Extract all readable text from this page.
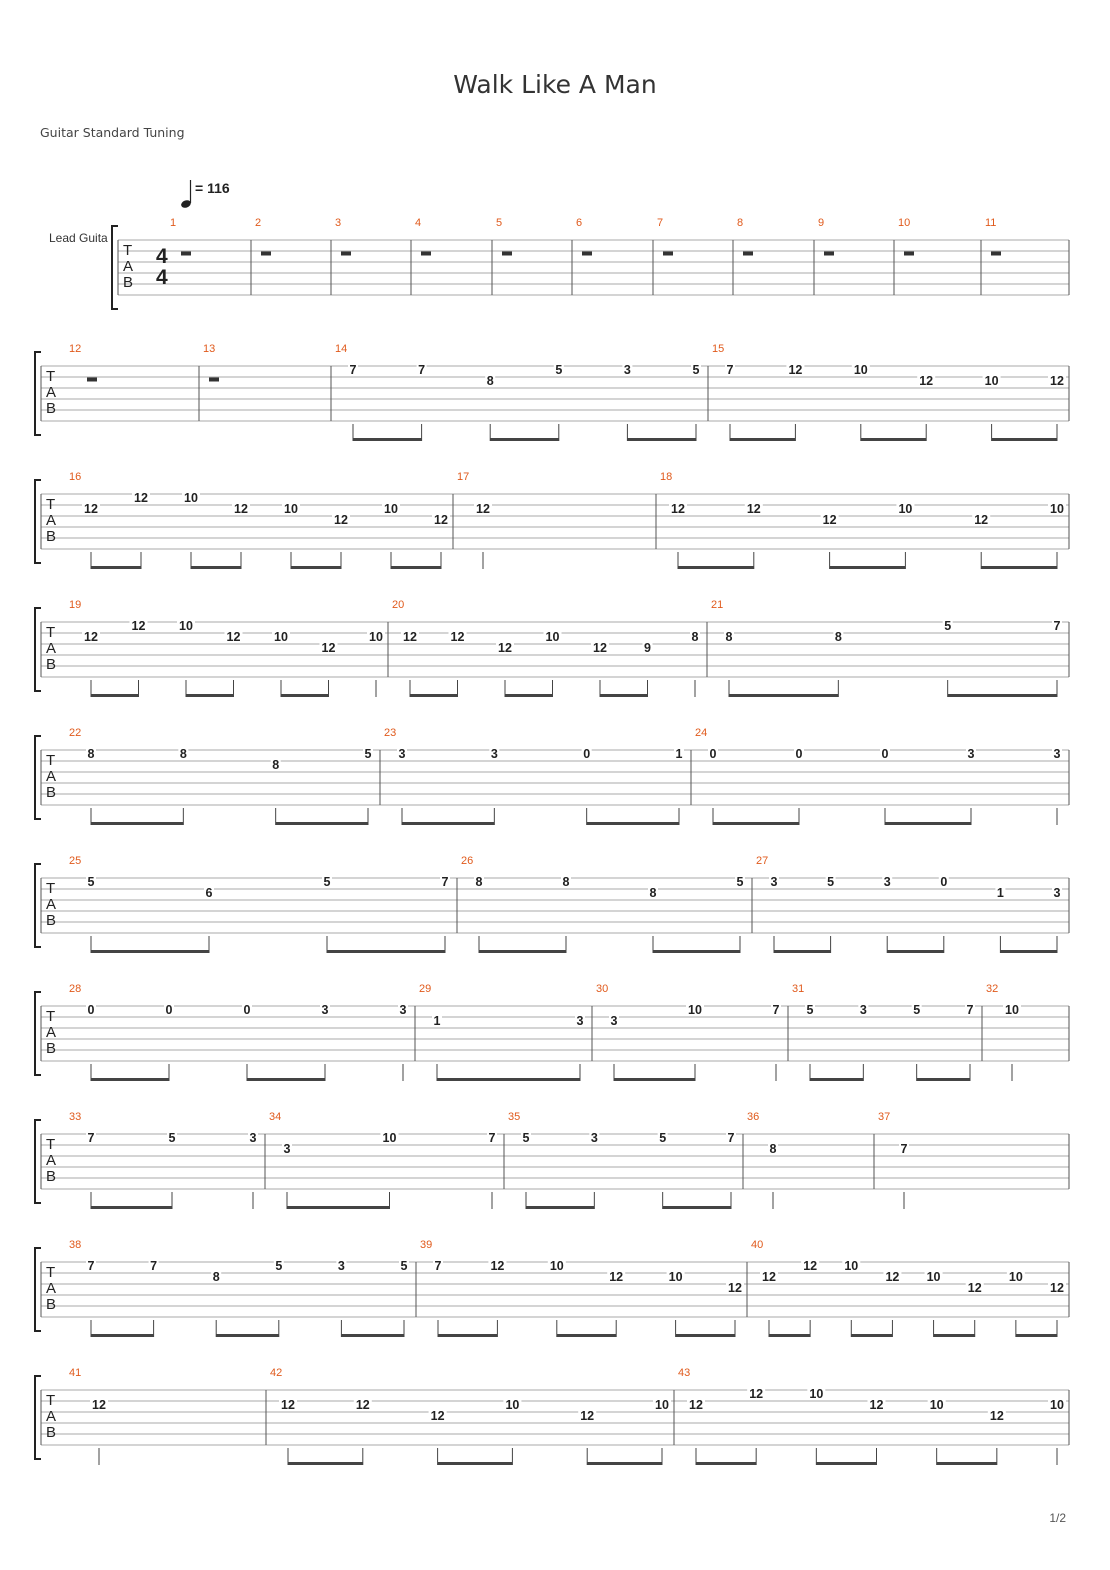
Walk Like A Man
Guitar Standard Tuning
= 116
Lead Guita
T
A
B
4
4
1	2	3	4	5	6	7	8	9	10	11
T
A
B
12	13	14
7	7
8
5	3	5
15
7	12	10
12	10	12
T
A
B
16
12
12	10
12	10
12
10
12
17
12
18
12	12
12
10
12
10
T
A
B
19
12
12	10
12	10
12
10
20
12	12
12
10
12	9
8
21
8	8
5	7
T
A
B
22
8	8
8
5
23
3	3	0	1
24
0	0	0	3	3
T
A
B
25
5
6
5	7
26
8	8
8
5
27
3	5	3	0
1	3
T
A
B
28
0	0	0	3	3
29
1	3
30
3
10	7
31
5	3	5	7
32
10
T
A
B
33
7	5	3
34
3
10	7
35
5	3	5	7
36
8
37
7
T
A
B
38
7	7
8
5	3	5
39
7	12	10
12	10
12
40
12
12 10
12 10
12
10
12
T
A
B
41
12
42
12	12
12
10
12
10
43
12
12	10
12	10
12
10
1/2
